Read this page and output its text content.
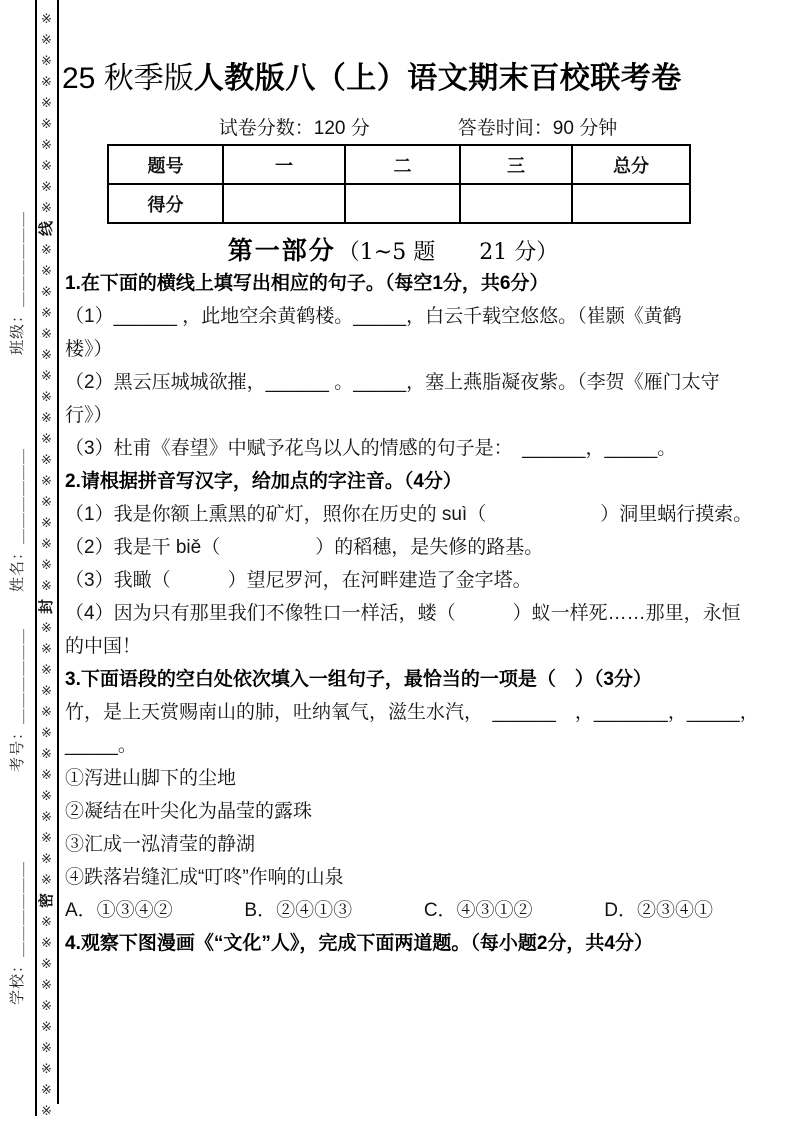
※
※
※
※
※
※
※
※
※
※
线
※
※
※
※
※
※
※
※
※
※
※
※
※
※
※
※
※
封
※
※
※
※
※
※
※
※
※
※
※
※
※
密
※
※
※
※
※
※
※
※
※
※
班级：＿＿＿＿＿＿
姓名：＿＿＿＿＿＿
考号：＿＿＿＿＿＿
学校：＿＿＿＿＿＿
25 秋季版人教版八（上）语文期末百校联考卷
试卷分数：120 分	答卷时间：90 分钟
题号	一	二	三	总分
得分				
第一部分（1~5 题　　21 分）
1.在下面的横线上填写出相应的句子。（每空1分，共6分）
（1）______ ，此地空余黄鹤楼。_____，白云千载空悠悠。（崔颢《黄鹤
楼》）
（2）黑云压城城欲摧，______ 。_____，塞上燕脂凝夜紫。（李贺《雁门太守
行》）
（3）杜甫《春望》中赋予花鸟以人的情感的句子是：　______，_____。
2.请根据拼音写汉字，给加点的字注音。（4分）
（1）我是你额上熏黑的矿灯，照你在历史的 suì（　　　　　　）洞里蜗行摸索。
（2）我是干 biě（　　　　　）的稻穗，是失修的路基。
（3）我瞰（　　　）望尼罗河，在河畔建造了金字塔。
（4）因为只有那里我们不像牲口一样活，蝼（　　　）蚁一样死……那里，永恒
的中国！
3.下面语段的空白处依次填入一组句子，最恰当的一项是（　）（3分）
竹，是上天赏赐南山的肺，吐纳氧气，滋生水汽，　______　，_______，_____，
_____。
①泻进山脚下的尘地
②凝结在叶尖化为晶莹的露珠
③汇成一泓清莹的静湖
④跌落岩缝汇成“叮咚”作响的山泉
A．①③④②	B．②④①③	C．④③①②	D．②③④①
4.观察下图漫画《“文化”人》，完成下面两道题。（每小题2分，共4分）
